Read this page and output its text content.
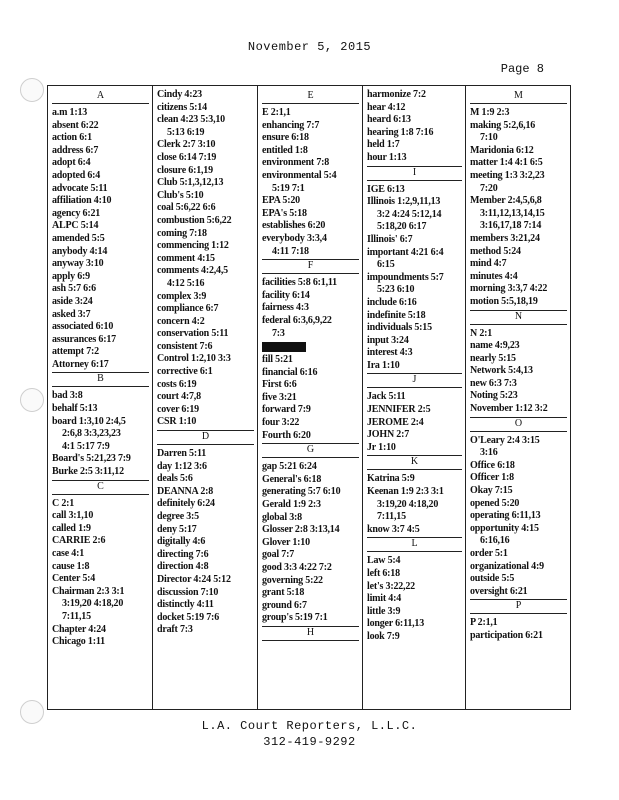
November 5, 2015
Page 8
A
a.m 1:13
absent 6:22
action 6:1
address 6:7
adopt 6:4
adopted 6:4
advocate 5:11
affiliation 4:10
agency 6:21
ALPC 5:14
amended 5:5
anybody 4:14
anyway 3:10
apply 6:9
ash 5:7 6:6
aside 3:24
asked 3:7
associated 6:10
assurances 6:17
attempt 7:2
Attorney 6:17
B
bad 3:8
behalf 5:13
board 1:3,10 2:4,5
2:6,8 3:3,23,23
4:1 5:17 7:9
Board's 5:21,23 7:9
Burke 2:5 3:11,12
C
C 2:1
call 3:1,10
called 1:9
CARRIE 2:6
case 4:1
cause 1:8
Center 5:4
Chairman 2:3 3:1
3:19,20 4:18,20
7:11,15
Chapter 4:24
Chicago 1:11
Cindy 4:23
citizens 5:14
clean 4:23 5:3,10
5:13 6:19
Clerk 2:7 3:10
close 6:14 7:19
closure 6:1,19
Club 5:1,3,12,13
Club's 5:10
coal 5:6,22 6:6
combustion 5:6,22
coming 7:18
commencing 1:12
comment 4:15
comments 4:2,4,5
4:12 5:16
complex 3:9
compliance 6:7
concern 4:2
conservation 5:11
consistent 7:6
Control 1:2,10 3:3
corrective 6:1
costs 6:19
court 4:7,8
cover 6:19
CSR 1:10
D
Darren 5:11
day 1:12 3:6
deals 5:6
DEANNA 2:8
definitely 6:24
degree 3:5
deny 5:17
digitally 4:6
directing 7:6
direction 4:8
Director 4:24 5:12
discussion 7:10
distinctly 4:11
docket 5:19 7:6
draft 7:3
E
E 2:1,1
enhancing 7:7
ensure 6:18
entitled 1:8
environment 7:8
environmental 5:4
5:19 7:1
EPA 5:20
EPA's 5:18
establishes 6:20
everybody 3:3,4
4:11 7:18
F
facilities 5:8 6:1,11
facility 6:14
fairness 4:3
federal 6:3,6,9,22
7:3
fill 5:21
financial 6:16
First 6:6
five 3:21
forward 7:9
four 3:22
Fourth 6:20
G
gap 5:21 6:24
General's 6:18
generating 5:7 6:10
Gerald 1:9 2:3
global 3:8
Glosser 2:8 3:13,14
Glover 1:10
goal 7:7
good 3:3 4:22 7:2
governing 5:22
grant 5:18
ground 6:7
group's 5:19 7:1
H
harmonize 7:2
hear 4:12
heard 6:13
hearing 1:8 7:16
held 1:7
hour 1:13
I
IGE 6:13
Illinois 1:2,9,11,13
3:2 4:24 5:12,14
5:18,20 6:17
Illinois' 6:7
important 4:21 6:4
6:15
impoundments 5:7
5:23 6:10
include 6:16
indefinite 5:18
individuals 5:15
input 3:24
interest 4:3
Ira 1:10
J
Jack 5:11
JENNIFER 2:5
JEROME 2:4
JOHN 2:7
Jr 1:10
K
Katrina 5:9
Keenan 1:9 2:3 3:1
3:19,20 4:18,20
7:11,15
know 3:7 4:5
L
Law 5:4
left 6:18
let's 3:22,22
limit 4:4
little 3:9
longer 6:11,13
look 7:9
M
M 1:9 2:3
making 5:2,6,16
7:10
Maridonia 6:12
matter 1:4 4:1 6:5
meeting 1:3 3:2,23
7:20
Member 2:4,5,6,8
3:11,12,13,14,15
3:16,17,18 7:14
members 3:21,24
method 5:24
mind 4:7
minutes 4:4
morning 3:3,7 4:22
motion 5:5,18,19
N
N 2:1
name 4:9,23
nearly 5:15
Network 5:4,13
new 6:3 7:3
Noting 5:23
November 1:12 3:2
O
O'Leary 2:4 3:15
3:16
Office 6:18
Officer 1:8
Okay 7:15
opened 5:20
operating 6:11,13
opportunity 4:15
6:16,16
order 5:1
organizational 4:9
outside 5:5
oversight 6:21
P
P 2:1,1
participation 6:21
L.A. Court Reporters, L.L.C.
312-419-9292
